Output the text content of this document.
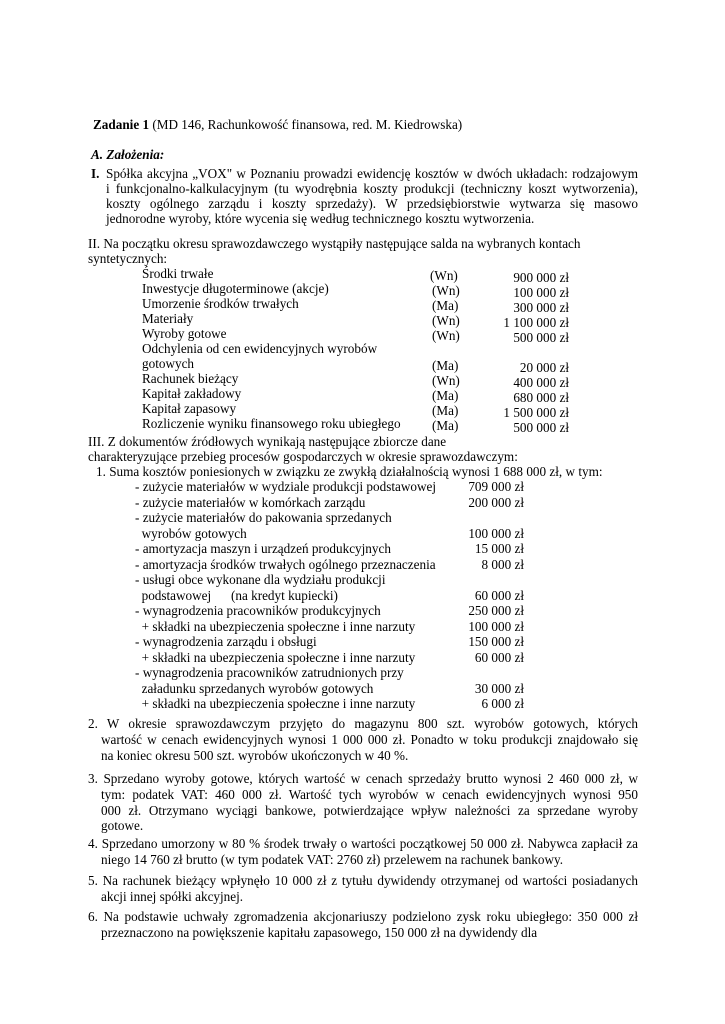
Zadanie 1 (MD 146, Rachunkowość finansowa, red. M. Kiedrowska)
A. Założenia:
I. Spółka akcyjna „VOX" w Poznaniu prowadzi ewidencję kosztów w dwóch układach: rodzajowym
i funkcjonalno-kalkulacyjnym (tu wyodrębnia koszty produkcji (techniczny koszt wytworzenia),
koszty ogólnego zarządu i koszty sprzedaży). W przedsiębiorstwie wytwarza się masowo
jednorodne wyroby, które wycenia się według technicznego kosztu wytworzenia.
II. Na początku okresu sprawozdawczego wystąpiły następujące salda na wybranych kontach
syntetycznych:
Środki trwałe	(Wn)	900 000 zł
Inwestycje długoterminowe (akcje)	(Wn)	100 000 zł
Umorzenie środków trwałych	(Ma)	300 000 zł
Materiały	(Wn)	1 100 000 zł
Wyroby gotowe	(Wn)	500 000 zł
Odchylenia od cen ewidencyjnych wyrobów
gotowych	(Ma)	20 000 zł
Rachunek bieżący	(Wn)	400 000 zł
Kapitał zakładowy	(Ma)	680 000 zł
Kapitał zapasowy	(Ma)	1 500 000 zł
Rozliczenie wyniku finansowego roku ubiegłego (Ma)	500 000 zł
III. Z dokumentów źródłowych wynikają następujące zbiorcze dane
charakteryzujące przebieg procesów gospodarczych w okresie sprawozdawczym:
1. Suma kosztów poniesionych w związku ze zwykłą działalnością wynosi 1 688 000 zł, w tym:
- zużycie materiałów w wydziale produkcji podstawowej	709 000 zł
- zużycie materiałów w komórkach zarządu	200 000 zł
- zużycie materiałów do pakowania sprzedanych
wyrobów gotowych	100 000 zł
- amortyzacja maszyn i urządzeń produkcyjnych	15 000 zł
- amortyzacja środków trwałych ogólnego przeznaczenia	8 000 zł
- usługi obce wykonane dla wydziału produkcji
podstawowej      (na kredyt kupiecki)	60 000 zł
- wynagrodzenia pracowników produkcyjnych	250 000 zł
+ składki na ubezpieczenia społeczne i inne narzuty	100 000 zł
- wynagrodzenia zarządu i obsługi	150 000 zł
+ składki na ubezpieczenia społeczne i inne narzuty	60 000 zł
- wynagrodzenia pracowników zatrudnionych przy
załadunku sprzedanych wyrobów gotowych	30 000 zł
+ składki na ubezpieczenia społeczne i inne narzuty	6 000 zł
2. W okresie sprawozdawczym przyjęto do magazynu 800 szt. wyrobów gotowych, których
wartość w cenach ewidencyjnych wynosi 1 000 000 zł. Ponadto w toku produkcji znajdowało się
na koniec okresu 500 szt. wyrobów ukończonych w 40 %.
3. Sprzedano wyroby gotowe, których wartość w cenach sprzedaży brutto wynosi 2 460 000 zł, w
tym: podatek VAT: 460 000 zł. Wartość tych wyrobów w cenach ewidencyjnych wynosi 950
000 zł. Otrzymano wyciągi bankowe, potwierdzające wpływ należności za sprzedane wyroby
gotowe.
4. Sprzedano umorzony w 80 % środek trwały o wartości początkowej 50 000 zł. Nabywca zapłacił za
niego 14 760 zł brutto (w tym podatek VAT: 2760 zł) przelewem na rachunek bankowy.
5. Na rachunek bieżący wpłynęło 10 000 zł z tytułu dywidendy otrzymanej od wartości posiadanych
akcji innej spółki akcyjnej.
6. Na podstawie uchwały zgromadzenia akcjonariuszy podzielono zysk roku ubiegłego: 350 000 zł
przeznaczono na powiększenie kapitału zapasowego, 150 000 zł na dywidendy dla
